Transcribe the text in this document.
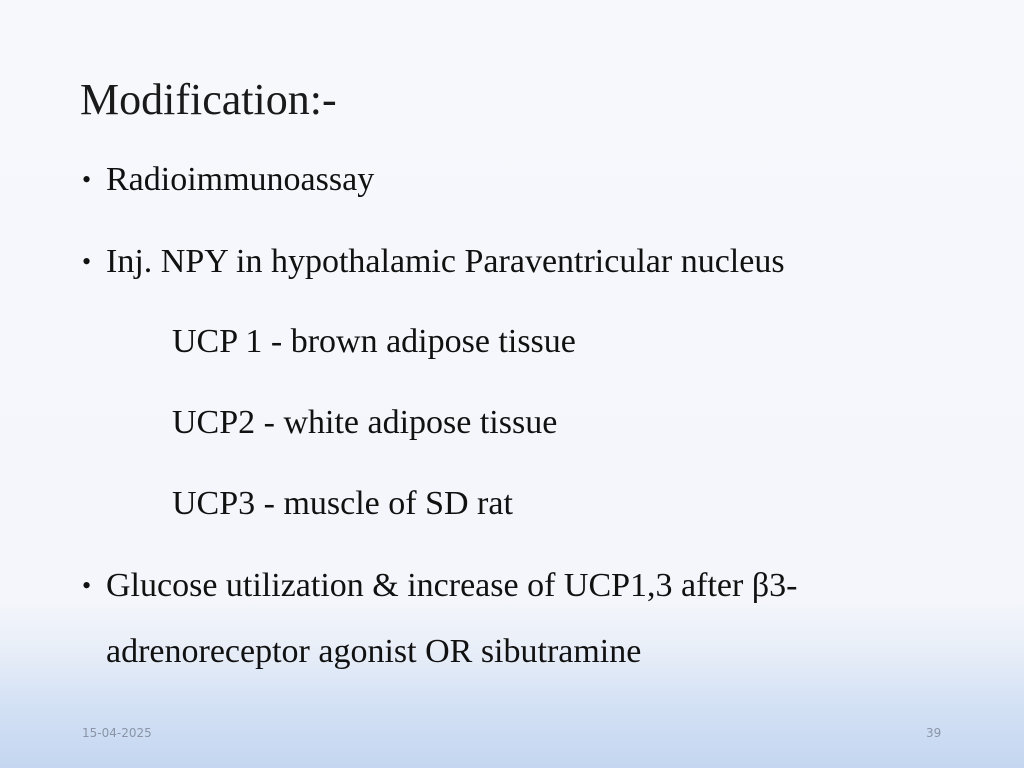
Modification:-
• Radioimmunoassay
• Inj. NPY in hypothalamic Paraventricular nucleus
UCP 1 - brown adipose tissue
UCP2 - white adipose tissue
UCP3 - muscle of SD rat
• Glucose utilization & increase of UCP1,3 after β3-
adrenoreceptor agonist OR sibutramine
15-04-2025	39
